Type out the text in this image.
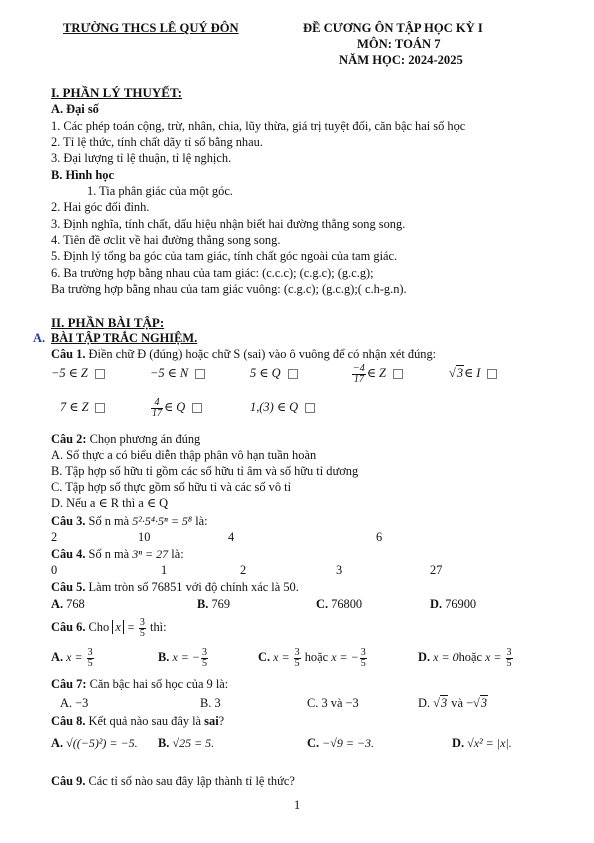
TRƯỜNG THCS LÊ QUÝ ĐÔN	ĐỀ CƯƠNG ÔN TẬP HỌC KỲ I
MÔN: TOÁN 7
NĂM HỌC: 2024-2025
I. PHẦN LÝ THUYẾT:
A. Đại số
1. Các phép toán cộng, trừ, nhân, chia, lũy thừa, giá trị tuyệt đối, căn bậc hai số học
2. Tỉ lệ thức, tính chất dãy tỉ số bằng nhau.
3. Đại lượng tỉ lệ thuận, tỉ lệ nghịch.
B. Hình học
1. Tia phân giác của một góc.
2. Hai góc đối đỉnh.
3. Định nghĩa, tính chất, dấu hiệu nhận biết hai đường thẳng song song.
4. Tiên đề ơclit về hai đường thẳng song song.
5. Định lý tổng ba góc của tam giác, tính chất góc ngoài của tam giác.
6. Ba trường hợp bằng nhau của tam giác: (c.c.c); (c.g.c); (g.c.g);
Ba trường hợp bằng nhau của tam giác vuông: (c.g.c); (g.c.g);( c.h-g.n).
II. PHẦN BÀI TẬP:
A. BÀI TẬP TRẮC NGHIỆM.
Câu 1. Điền chữ Đ (đúng) hoặc chữ S (sai) vào ô vuông để có nhận xét đúng:
−5 ∈ Z	−5 ∈ N	5 ∈ Q	$\frac{-4}{17}$ ∈ Z	√3∈ I
7 ∈ Z	$\frac{4}{17}$ ∈ Q	1,(3) ∈ Q
Câu 2: Chọn phương án đúng
A. Số thực a có biểu diễn thập phân vô hạn tuần hoàn
B. Tập hợp số hữu tỉ gồm các số hữu tỉ âm và số hữu tỉ dương
C. Tập hợp số thực gồm số hữu tỉ và các số vô tỉ
D. Nếu a ∈ R thì a ∈ Q
Câu 3. Số n mà 5²·5⁴·5ⁿ = 5⁸ là:
2	10	4	6
Câu 4. Số n mà 3ⁿ = 27 là:
0	1	2	3	27
Câu 5. Làm tròn số 76851 với độ chính xác là 50.
A. 768	B. 769	C. 76800	D. 76900
Câu 6. Cho $x = \frac{3}{5}$ thì:
A. $x = \frac{3}{5}$	B. x = − $\frac{3}{5}$	C. $x = \frac{3}{5}$ hoặc x = − $\frac{3}{5}$	D. x = 0hoặc $x = \frac{3}{5}$
Câu 7: Căn bậc hai số học của 9 là:
A. −3	B. 3	C. 3 và −3	D. √3 và −√3
Câu 8. Kết quả nào sau đây là sai?
A. √((−5)²) = −5. B. √25 = 5.	C. −√9 = −3.	D. √x² = |x|.
Câu 9. Các tỉ số nào sau đây lập thành tỉ lệ thức?
1
